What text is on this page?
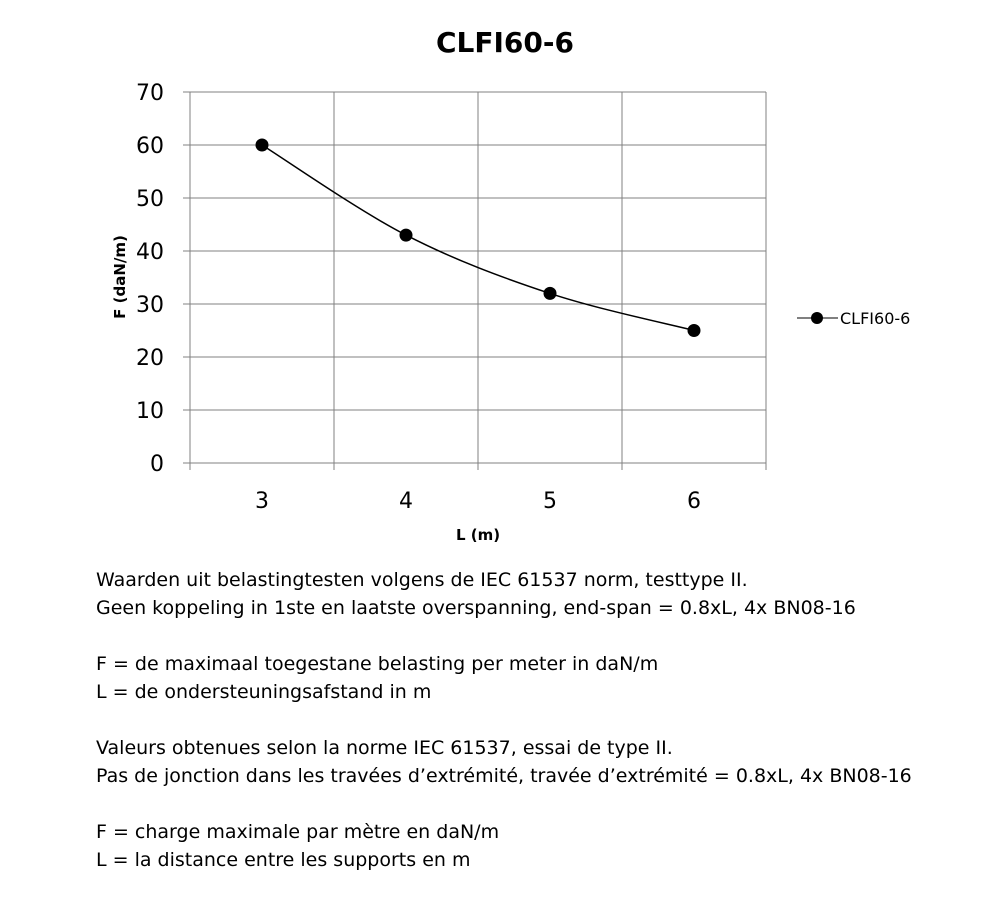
CLFI60-6
0
10
20
30
40
50
60
70
3	4	5	6
L (m)
F (daN/m)	CLFI60-6

Waarden uit belastingtesten volgens de IEC 61537 norm, testtype II.

Geen koppeling in 1ste en laatste overspanning, end-span = 0.8xL, 4x BN08-16

F = de maximaal toegestane belasting per meter in daN/m

L = de ondersteuningsafstand in m

Valeurs obtenues selon la norme IEC 61537, essai de type II.

Pas de jonction dans les travées d’extrémité, travée d’extrémité = 0.8xL, 4x BN08-16

F = charge maximale par mètre en daN/m

L = la distance entre les supports en m
